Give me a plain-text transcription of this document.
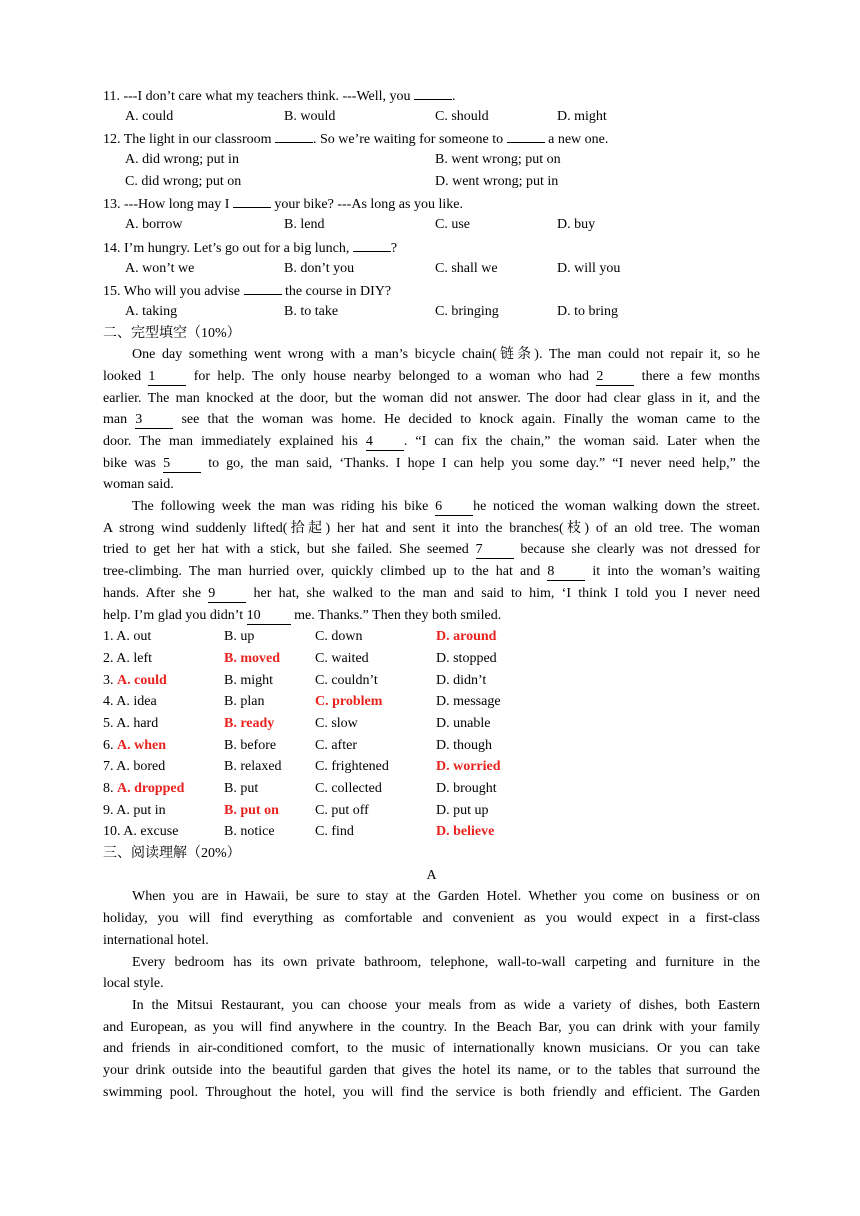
11. ---I don’t care what my teachers think. ---Well, you	.
A. could	B. would	C. should	D. might
12. The light in our classroom	. So we’re waiting for someone to	a new one.
A. did wrong; put in	B. went wrong; put on
C. did wrong; put on	D. went wrong; put in
13. ---How long may I	your bike? ---As long as you like.
A. borrow	B. lend	C. use	D. buy
14. I’m hungry. Let’s go out for a big lunch,	?
A. won’t we	B. don’t you	C. shall we	D. will you
15. Who will you advise	the course in DIY?
A. taking	B. to take	C. bringing	D. to bring
二、完型填空（10%）
One day something went wrong with a man’s bicycle chain(链条). The man could not repair it, so he
looked 1 for help. The only house nearby belonged to a woman who had 2 there a few months
earlier. The man knocked at the door, but the woman did not answer. The door had clear glass in it, and the
man 3 see that the woman was home. He decided to knock again. Finally the woman came to the
door. The man immediately explained his 4 . “I can fix the chain,” the woman said. Later when the
bike was 5 to go, the man said, ‘Thanks. I hope I can help you some day.” “I never need help,” the
woman said.
The following week the man was riding his bike 6 he noticed the woman walking down the street.
A strong wind suddenly lifted(拾起) her hat and sent it into the branches(枝) of an old tree. The woman
tried to get her hat with a stick, but she failed. She seemed 7 because she clearly was not dressed for
tree-climbing. The man hurried over, quickly climbed up to the hat and 8 it into the woman’s waiting
hands. After she 9 her hat, she walked to the man and said to him, ‘I think I told you I never need
help. I’m glad you didn’t 10 me. Thanks.” Then they both smiled.
1. A. out	B. up	C. down	D. around
2. A. left	B. moved	C. waited	D. stopped
3. A. could	B. might	C. couldn’t	D. didn’t
4. A. idea	B. plan	C. problem	D. message
5. A. hard	B. ready	C. slow	D. unable
6. A. when	B. before	C. after	D. though
7. A. bored	B. relaxed C. frightened	D. worried
8. A. dropped	B. put	C. collected	D. brought
9. A. put in	B. put on	C. put off	D. put up
10. A. excuse	B. notice	C. find	D. believe
三、阅读理解（20%）
A
When you are in Hawaii, be sure to stay at the Garden Hotel. Whether you come on business or on
holiday, you will find everything as comfortable and convenient as you would expect in a first-class
international hotel.
Every bedroom has its own private bathroom, telephone, wall-to-wall carpeting and furniture in the
local style.
In the Mitsui Restaurant, you can choose your meals from as wide a variety of dishes, both Eastern
and European, as you will find anywhere in the country. In the Beach Bar, you can drink with your family
and friends in air-conditioned comfort, to the music of internationally known musicians. Or you can take
your drink outside into the beautiful garden that gives the hotel its name, or to the tables that surround the
swimming pool. Throughout the hotel, you will find the service is both friendly and efficient. The Garden
